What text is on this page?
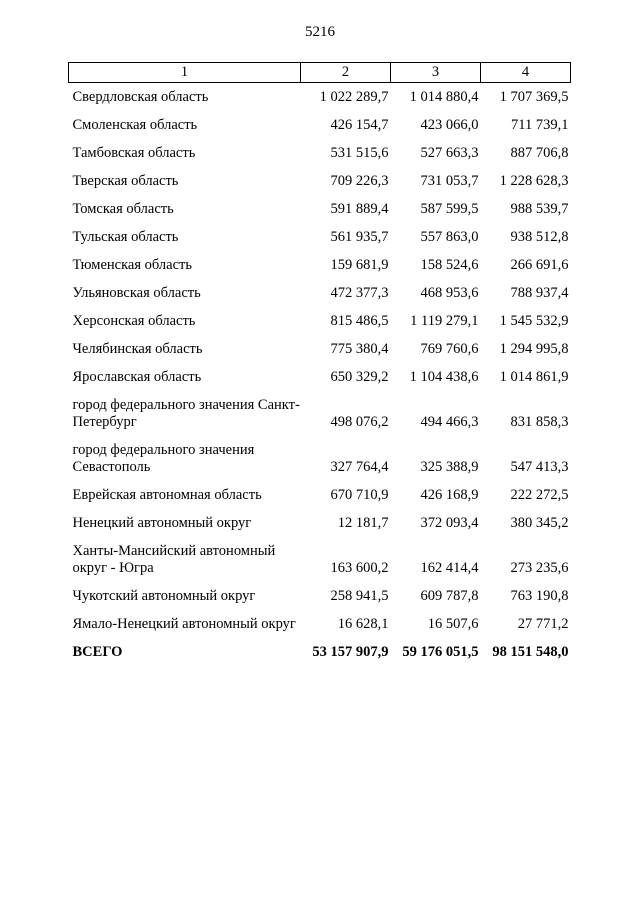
5216
1	2	3	4

Свердловская область	1 022 289,7	1 014 880,4	1 707 369,5

Смоленская область	426 154,7	423 066,0	711 739,1

Тамбовская область	531 515,6	527 663,3	887 706,8

Тверская область	709 226,3	731 053,7	1 228 628,3

Томская область	591 889,4	587 599,5	988 539,7

Тульская область	561 935,7	557 863,0	938 512,8

Тюменская область	159 681,9	158 524,6	266 691,6

Ульяновская область	472 377,3	468 953,6	788 937,4

Херсонская область	815 486,5	1 119 279,1	1 545 532,9

Челябинская область	775 380,4	769 760,6	1 294 995,8

Ярославская область	650 329,2	1 104 438,6	1 014 861,9

город федерального значения Санкт-Петербург	498 076,2	494 466,3	831 858,3

город федерального значения Севастополь	327 764,4	325 388,9	547 413,3

Еврейская автономная область	670 710,9	426 168,9	222 272,5

Ненецкий автономный округ	12 181,7	372 093,4	380 345,2

Ханты-Мансийский автономный округ - Югра	163 600,2	162 414,4	273 235,6

Чукотский автономный округ	258 941,5	609 787,8	763 190,8

Ямало-Ненецкий автономный округ	16 628,1	16 507,6	27 771,2

ВСЕГО	53 157 907,9	59 176 051,5	98 151 548,0
